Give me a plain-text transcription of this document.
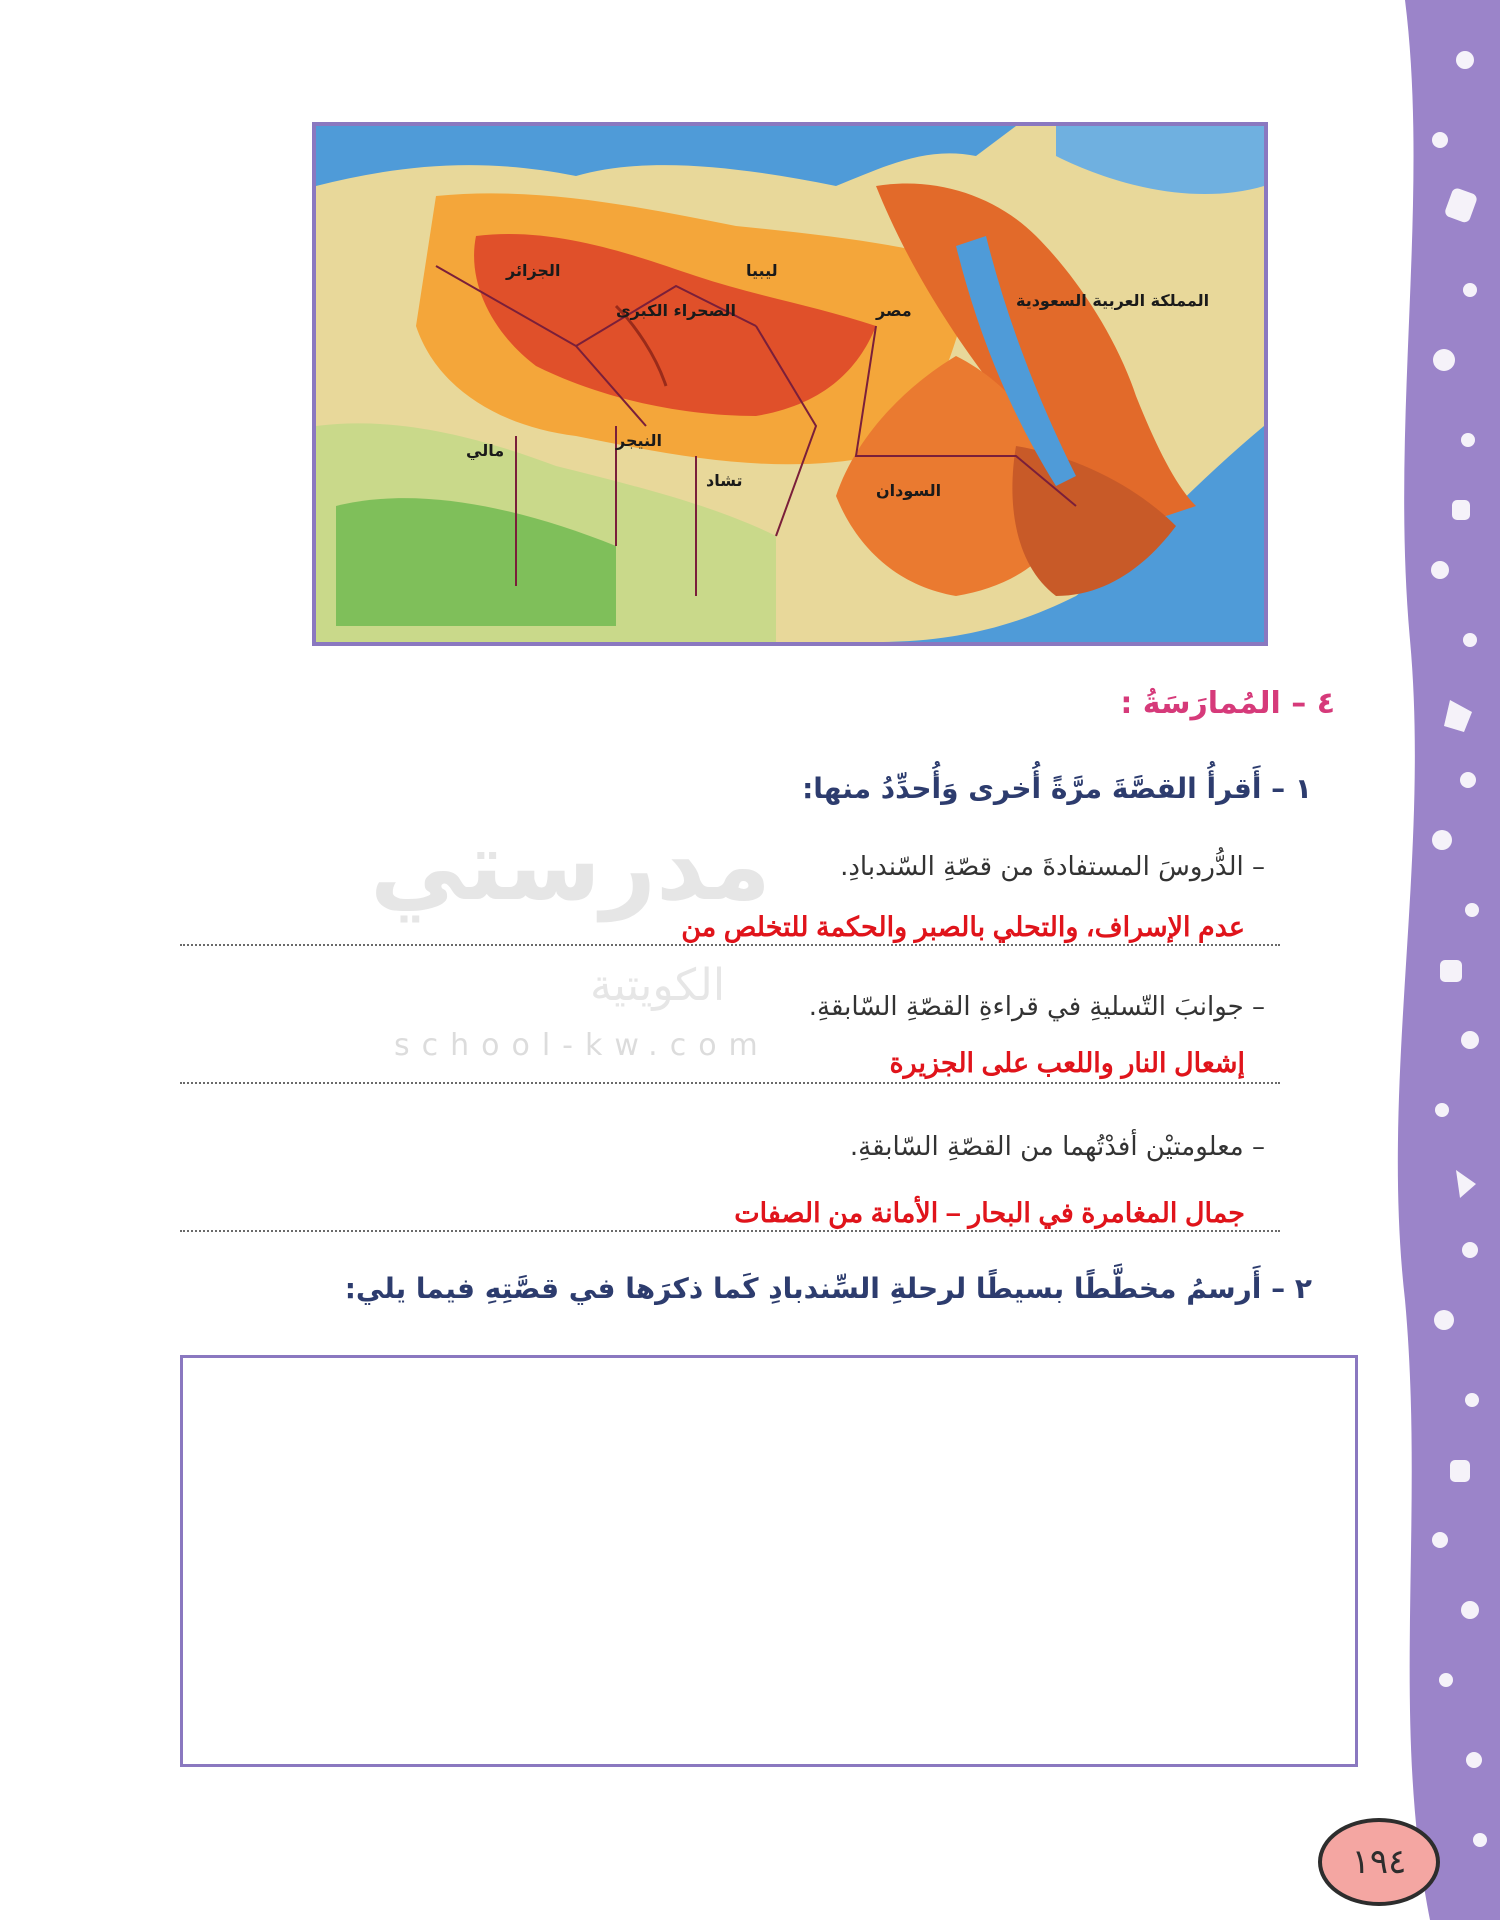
الجزائر
الصحراء الكبرى
السودان
مصر
المملكة العربية السعودية
النيجر
مالي
تشاد
ليبيا
مدرستي
الكويتية
school-kw.com
٤ – المُمارَسَةُ :
١ – أَقرأُ القصَّةَ مرَّةً أُخرى وَأُحدِّدُ منها:
– الدُّروسَ المستفادةَ من قصّةِ السّندبادِ.
عدم الإسراف، والتحلي بالصبر والحكمة للتخلص من
– جوانبَ التّسليةِ في قراءةِ القصّةِ السّابقةِ.
إشعال النار واللعب على الجزيرة
– معلومتيْن أفدْتُهما من القصّةِ السّابقةِ.
جمال المغامرة في البحار – الأمانة من الصفات
٢ – أَرسمُ مخطَّطًا بسيطًا لرحلةِ السِّندبادِ كَما ذكرَها في قصَّتِهِ فيما يلي:
١٩٤
